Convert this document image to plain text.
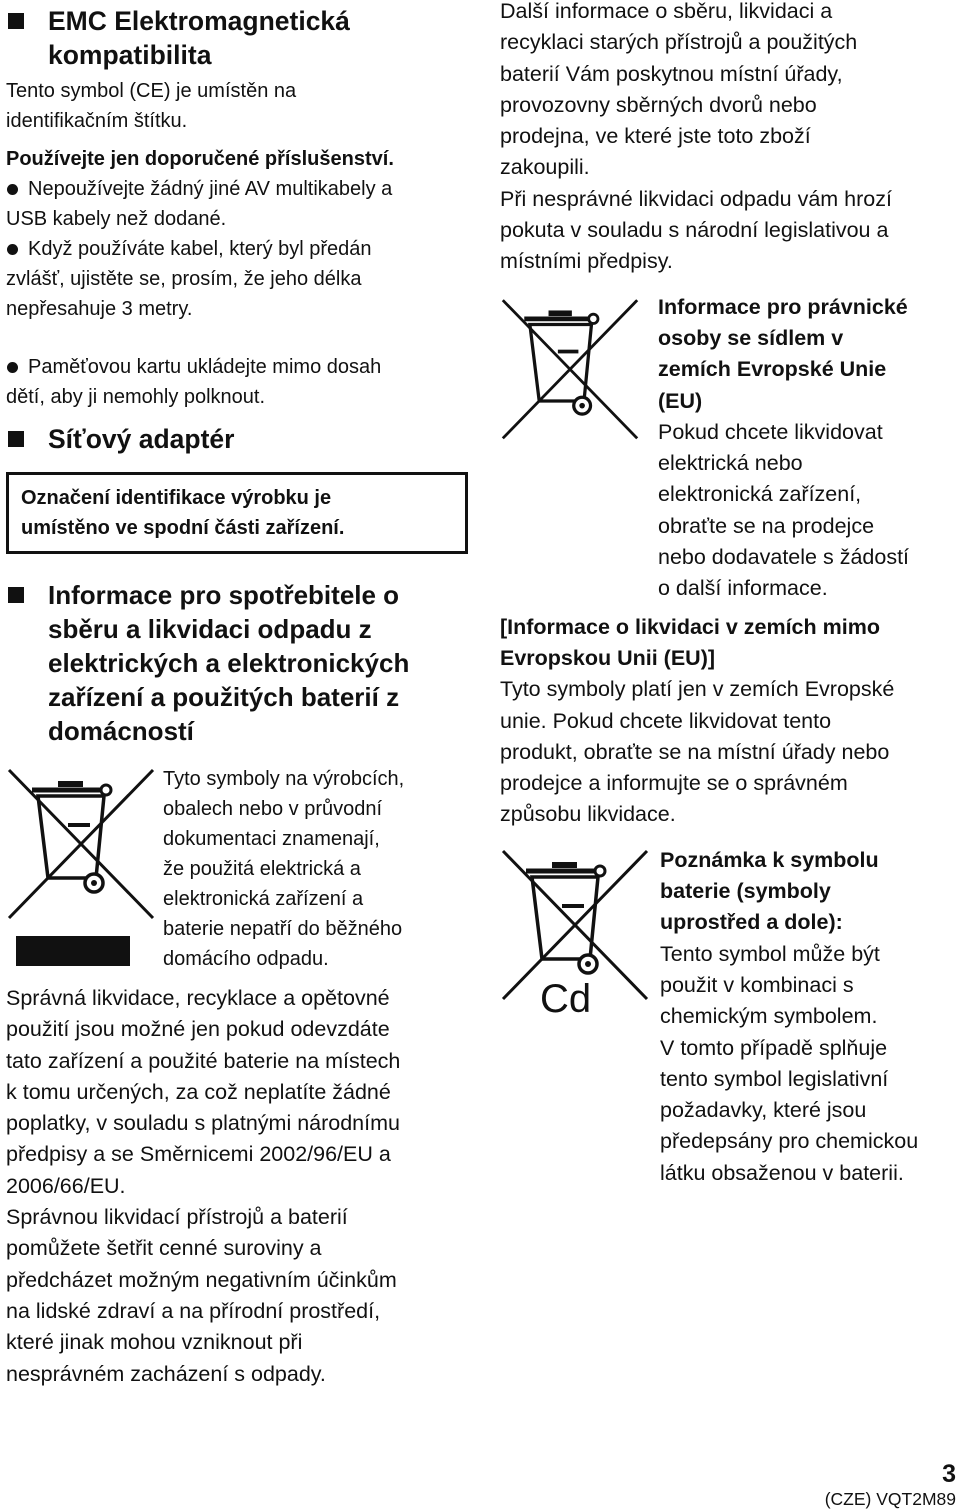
EMC Elektromagnetická
kompatibilita
Tento symbol (CE) je umístěn na
identifikačním štítku.
Používejte jen doporučené příslušenství.
Nepoužívejte žádný jiné AV multikabely a
USB kabely než dodané.
Když používáte kabel, který byl předán
zvlášť, ujistěte se, prosím, že jeho délka
nepřesahuje 3 metry.
Paměťovou kartu ukládejte mimo dosah
dětí, aby ji nemohly polknout.
Síťový adaptér
Označení identifikace výrobku je
umístěno ve spodní části zařízení.
Informace pro spotřebitele o
sběru a likvidaci odpadu z
elektrických a elektronických
zařízení a použitých baterií z
domácností
Tyto symboly na výrobcích,
obalech nebo v průvodní
dokumentaci znamenají,
že použitá elektrická a
elektronická zařízení a
baterie nepatří do běžného
domácího odpadu.
Správná likvidace, recyklace a opětovné
použití jsou možné jen pokud odevzdáte
tato zařízení a použité baterie na místech
k tomu určených, za což neplatíte žádné
poplatky, v souladu s platnými národnímu
předpisy a se Směrnicemi 2002/96/EU a
2006/66/EU.
Správnou likvidací přístrojů a baterií
pomůžete šetřit cenné suroviny a
předcházet možným negativním účinkům
na lidské zdraví a na přírodní prostředí,
které jinak mohou vzniknout při
nesprávném zacházení s odpady.
Další informace o sběru, likvidaci a
recyklaci starých přístrojů a použitých
baterií Vám poskytnou místní úřady,
provozovny sběrných dvorů nebo
prodejna, ve které jste toto zboží
zakoupili.
Při nesprávné likvidaci odpadu vám hrozí
pokuta v souladu s národní legislativou a
místními předpisy.
Informace pro právnické
osoby se sídlem v
zemích Evropské Unie
(EU)
Pokud chcete likvidovat
elektrická nebo
elektronická zařízení,
obraťte se na prodejce
nebo dodavatele s žádostí
o další informace.
[Informace o likvidaci v zemích mimo
Evropskou Unii (EU)]
Tyto symboly platí jen v zemích Evropské
unie. Pokud chcete likvidovat tento
produkt, obraťte se na místní úřady nebo
prodejce a informujte se o správném
způsobu likvidace.
Cd
Poznámka k symbolu
baterie (symboly
uprostřed a dole):
Tento symbol může být
použit v kombinaci s
chemickým symbolem.
V tomto případě splňuje
tento symbol legislativní
požadavky, které jsou
předepsány pro chemickou
látku obsaženou v baterii.
3
(CZE) VQT2M89
